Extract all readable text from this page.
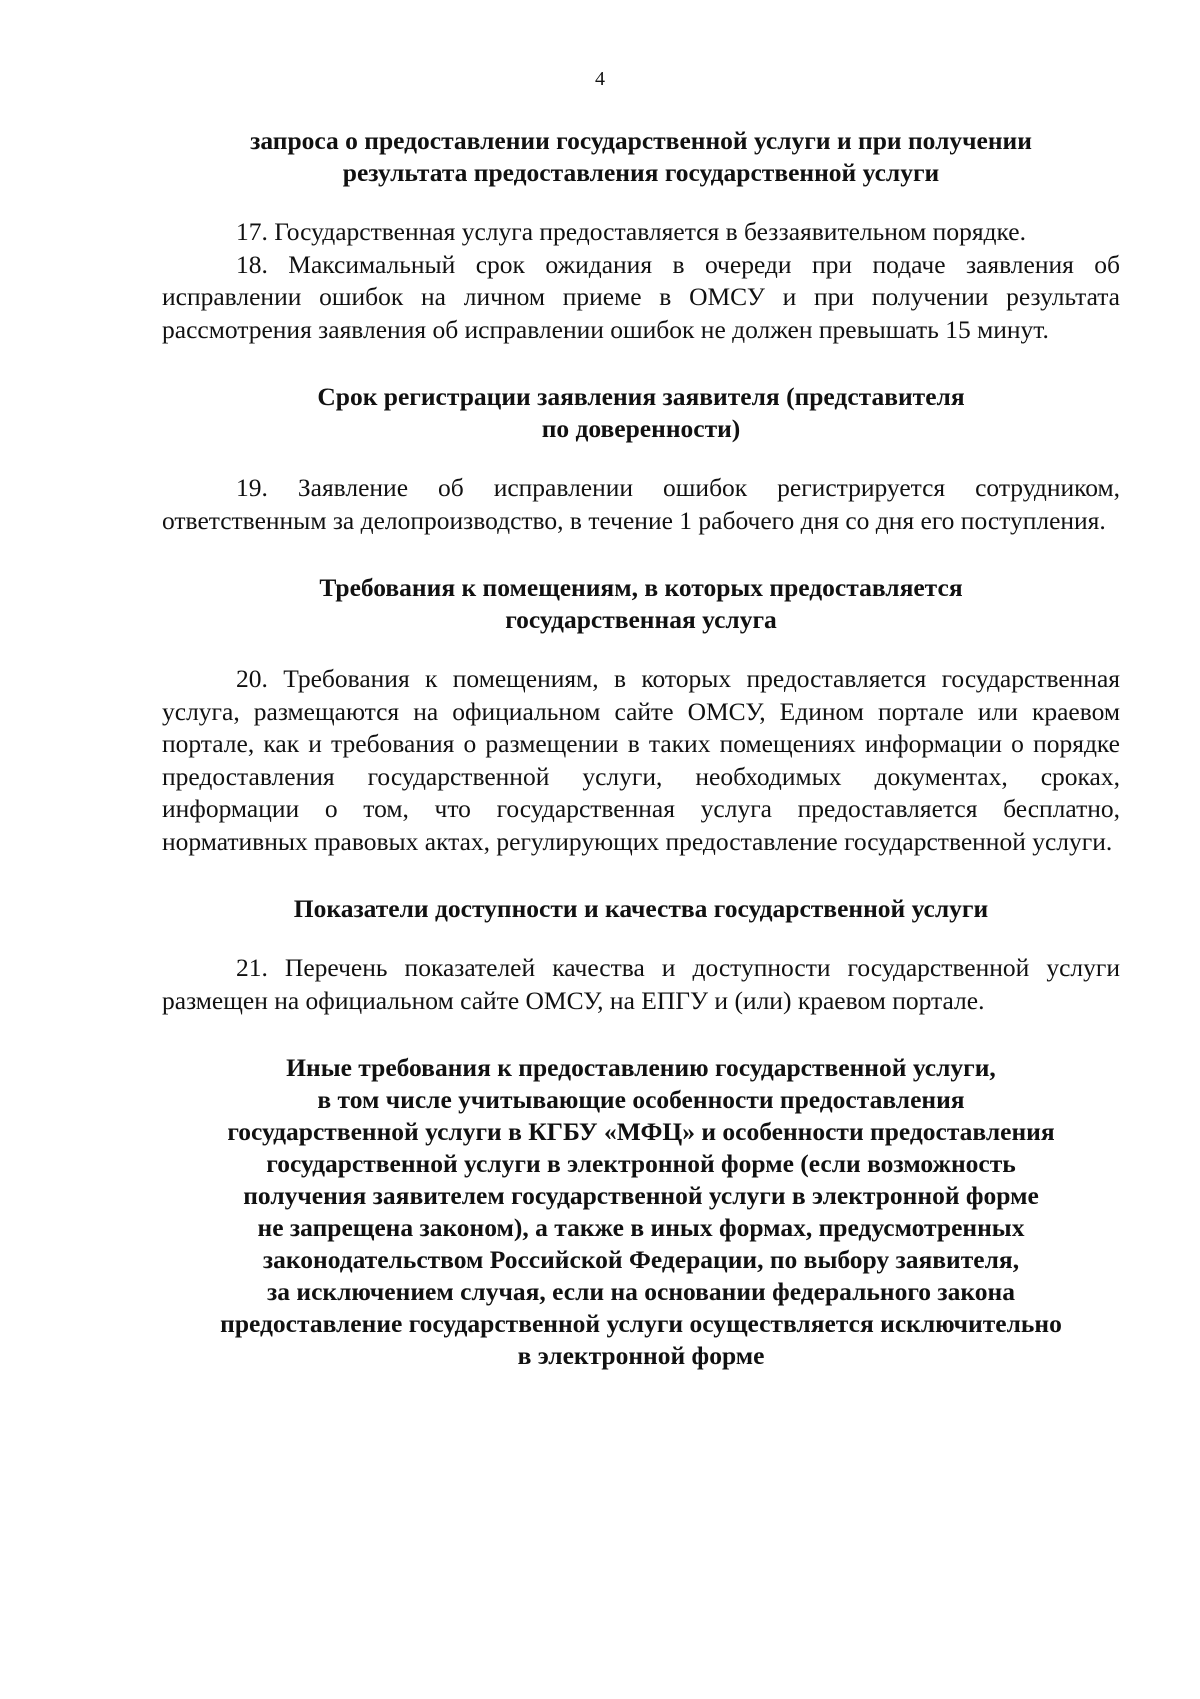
4
запроса о предоставлении государственной услуги и при получении
результата предоставления государственной услуги

17. Государственная услуга предоставляется в беззаявительном порядке.

18. Максимальный срок ожидания в очереди при подаче заявления об исправлении ошибок на личном приеме в ОМСУ и при получении результата рассмотрения заявления об исправлении ошибок не должен превышать 15 минут.

Срок регистрации заявления заявителя (представителя
по доверенности)

19. Заявление об исправлении ошибок регистрируется сотрудником, ответственным за делопроизводство, в течение 1 рабочего дня со дня его поступления.

Требования к помещениям, в которых предоставляется
государственная услуга

20. Требования к помещениям, в которых предоставляется государственная услуга, размещаются на официальном сайте ОМСУ, Едином портале или краевом портале, как и требования о размещении в таких помещениях информации о порядке предоставления государственной услуги, необходимых документах, сроках, информации о том, что государственная услуга предоставляется бесплатно, нормативных правовых актах, регулирующих предоставление государственной услуги.

Показатели доступности и качества государственной услуги

21. Перечень показателей качества и доступности государственной услуги размещен на официальном сайте ОМСУ, на ЕПГУ и (или) краевом портале.

Иные требования к предоставлению государственной услуги,
в том числе учитывающие особенности предоставления
государственной услуги в КГБУ «МФЦ» и особенности предоставления
государственной услуги в электронной форме (если возможность
получения заявителем государственной услуги в электронной форме
не запрещена законом), а также в иных формах, предусмотренных
законодательством Российской Федерации, по выбору заявителя,
за исключением случая, если на основании федерального закона
предоставление государственной услуги осуществляется исключительно
в электронной форме
